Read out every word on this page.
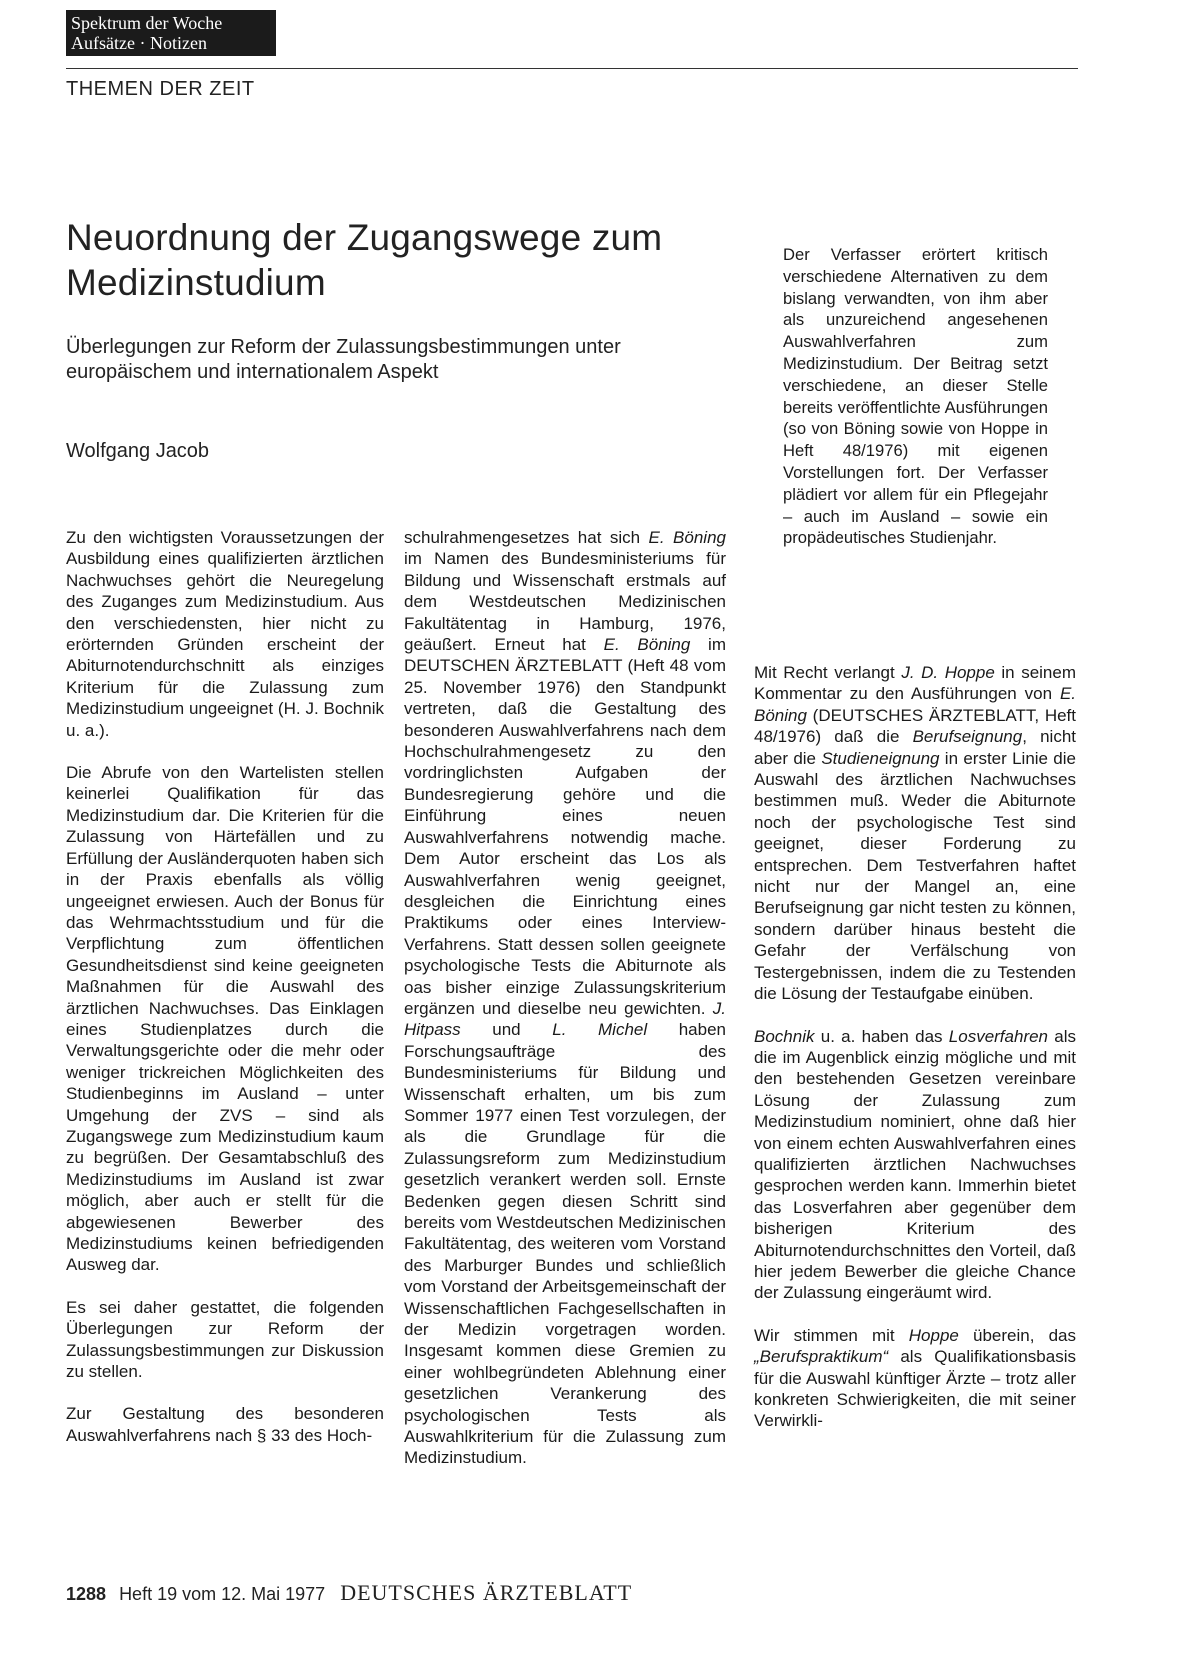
Spektrum der Woche
Aufsätze · Notizen
THEMEN DER ZEIT
Neuordnung der Zugangswege zum Medizinstudium
Überlegungen zur Reform der Zulassungsbestimmungen unter europäischem und internationalem Aspekt
Wolfgang Jacob

Der Verfasser erörtert kritisch verschiedene Alternativen zu dem bislang verwandten, von ihm aber als unzureichend angesehenen Auswahlverfahren zum Medizinstudium. Der Beitrag setzt verschiedene, an dieser Stelle bereits veröffentlichte Ausführungen (so von Böning sowie von Hoppe in Heft 48/1976) mit eigenen Vorstellungen fort. Der Verfasser plädiert vor allem für ein Pflegejahr – auch im Ausland – sowie ein propädeutisches Studienjahr.

Zu den wichtigsten Voraussetzungen der Ausbildung eines qualifizierten ärztlichen Nachwuchses gehört die Neuregelung des Zuganges zum Medizinstudium. Aus den verschiedensten, hier nicht zu erörternden Gründen erscheint der Abiturnotendurchschnitt als einziges Kriterium für die Zulassung zum Medizinstudium ungeeignet (H. J. Bochnik u. a.).

Die Abrufe von den Wartelisten stellen keinerlei Qualifikation für das Medizinstudium dar. Die Kriterien für die Zulassung von Härtefällen und zu Erfüllung der Ausländerquoten haben sich in der Praxis ebenfalls als völlig ungeeignet erwiesen. Auch der Bonus für das Wehrmachtsstudium und für die Verpflichtung zum öffentlichen Gesundheitsdienst sind keine geeigneten Maßnahmen für die Auswahl des ärztlichen Nachwuchses. Das Einklagen eines Studienplatzes durch die Verwaltungsgerichte oder die mehr oder weniger trickreichen Möglichkeiten des Studienbeginns im Ausland – unter Umgehung der ZVS – sind als Zugangswege zum Medizinstudium kaum zu begrüßen. Der Gesamtabschluß des Medizinstudiums im Ausland ist zwar möglich, aber auch er stellt für die abgewiesenen Bewerber des Medizinstudiums keinen befriedigenden Ausweg dar.

Es sei daher gestattet, die folgenden Überlegungen zur Reform der Zulassungsbestimmungen zur Diskussion zu stellen.

Zur Gestaltung des besonderen Auswahlverfahrens nach § 33 des Hoch-

schulrahmengesetzes hat sich E. Böning im Namen des Bundesministeriums für Bildung und Wissenschaft erstmals auf dem Westdeutschen Medizinischen Fakultätentag in Hamburg, 1976, geäußert. Erneut hat E. Böning im DEUTSCHEN ÄRZTEBLATT (Heft 48 vom 25. November 1976) den Standpunkt vertreten, daß die Gestaltung des besonderen Auswahlverfahrens nach dem Hochschulrahmengesetz zu den vordringlichsten Aufgaben der Bundesregierung gehöre und die Einführung eines neuen Auswahlverfahrens notwendig mache. Dem Autor erscheint das Los als Auswahlverfahren wenig geeignet, desgleichen die Einrichtung eines Praktikums oder eines Interview-Verfahrens. Statt dessen sollen geeignete psychologische Tests die Abiturnote als oas bisher einzige Zulassungskriterium ergänzen und dieselbe neu gewichten. J. Hitpass und L. Michel haben Forschungsaufträge des Bundesministeriums für Bildung und Wissenschaft erhalten, um bis zum Sommer 1977 einen Test vorzulegen, der als die Grundlage für die Zulassungsreform zum Medizinstudium gesetzlich verankert werden soll. Ernste Bedenken gegen diesen Schritt sind bereits vom Westdeutschen Medizinischen Fakultätentag, des weiteren vom Vorstand des Marburger Bundes und schließlich vom Vorstand der Arbeitsgemeinschaft der Wissenschaftlichen Fachgesellschaften in der Medizin vorgetragen worden. Insgesamt kommen diese Gremien zu einer wohlbegründeten Ablehnung einer gesetzlichen Verankerung des psychologischen Tests als Auswahlkriterium für die Zulassung zum Medizinstudium.

Mit Recht verlangt J. D. Hoppe in seinem Kommentar zu den Ausführungen von E. Böning (DEUTSCHES ÄRZTEBLATT, Heft 48/1976) daß die Berufseignung, nicht aber die Studieneignung in erster Linie die Auswahl des ärztlichen Nachwuchses bestimmen muß. Weder die Abiturnote noch der psychologische Test sind geeignet, dieser Forderung zu entsprechen. Dem Testverfahren haftet nicht nur der Mangel an, eine Berufseignung gar nicht testen zu können, sondern darüber hinaus besteht die Gefahr der Verfälschung von Testergebnissen, indem die zu Testenden die Lösung der Testaufgabe einüben.

Bochnik u. a. haben das Losverfahren als die im Augenblick einzig mögliche und mit den bestehenden Gesetzen vereinbare Lösung der Zulassung zum Medizinstudium nominiert, ohne daß hier von einem echten Auswahlverfahren eines qualifizierten ärztlichen Nachwuchses gesprochen werden kann. Immerhin bietet das Losverfahren aber gegenüber dem bisherigen Kriterium des Abiturnotendurchschnittes den Vorteil, daß hier jedem Bewerber die gleiche Chance der Zulassung eingeräumt wird.

Wir stimmen mit Hoppe überein, das „Berufspraktikum“ als Qualifikationsbasis für die Auswahl künftiger Ärzte – trotz aller konkreten Schwierigkeiten, die mit seiner Verwirkli-

1288 Heft 19 vom 12. Mai 1977 DEUTSCHES ÄRZTEBLATT
